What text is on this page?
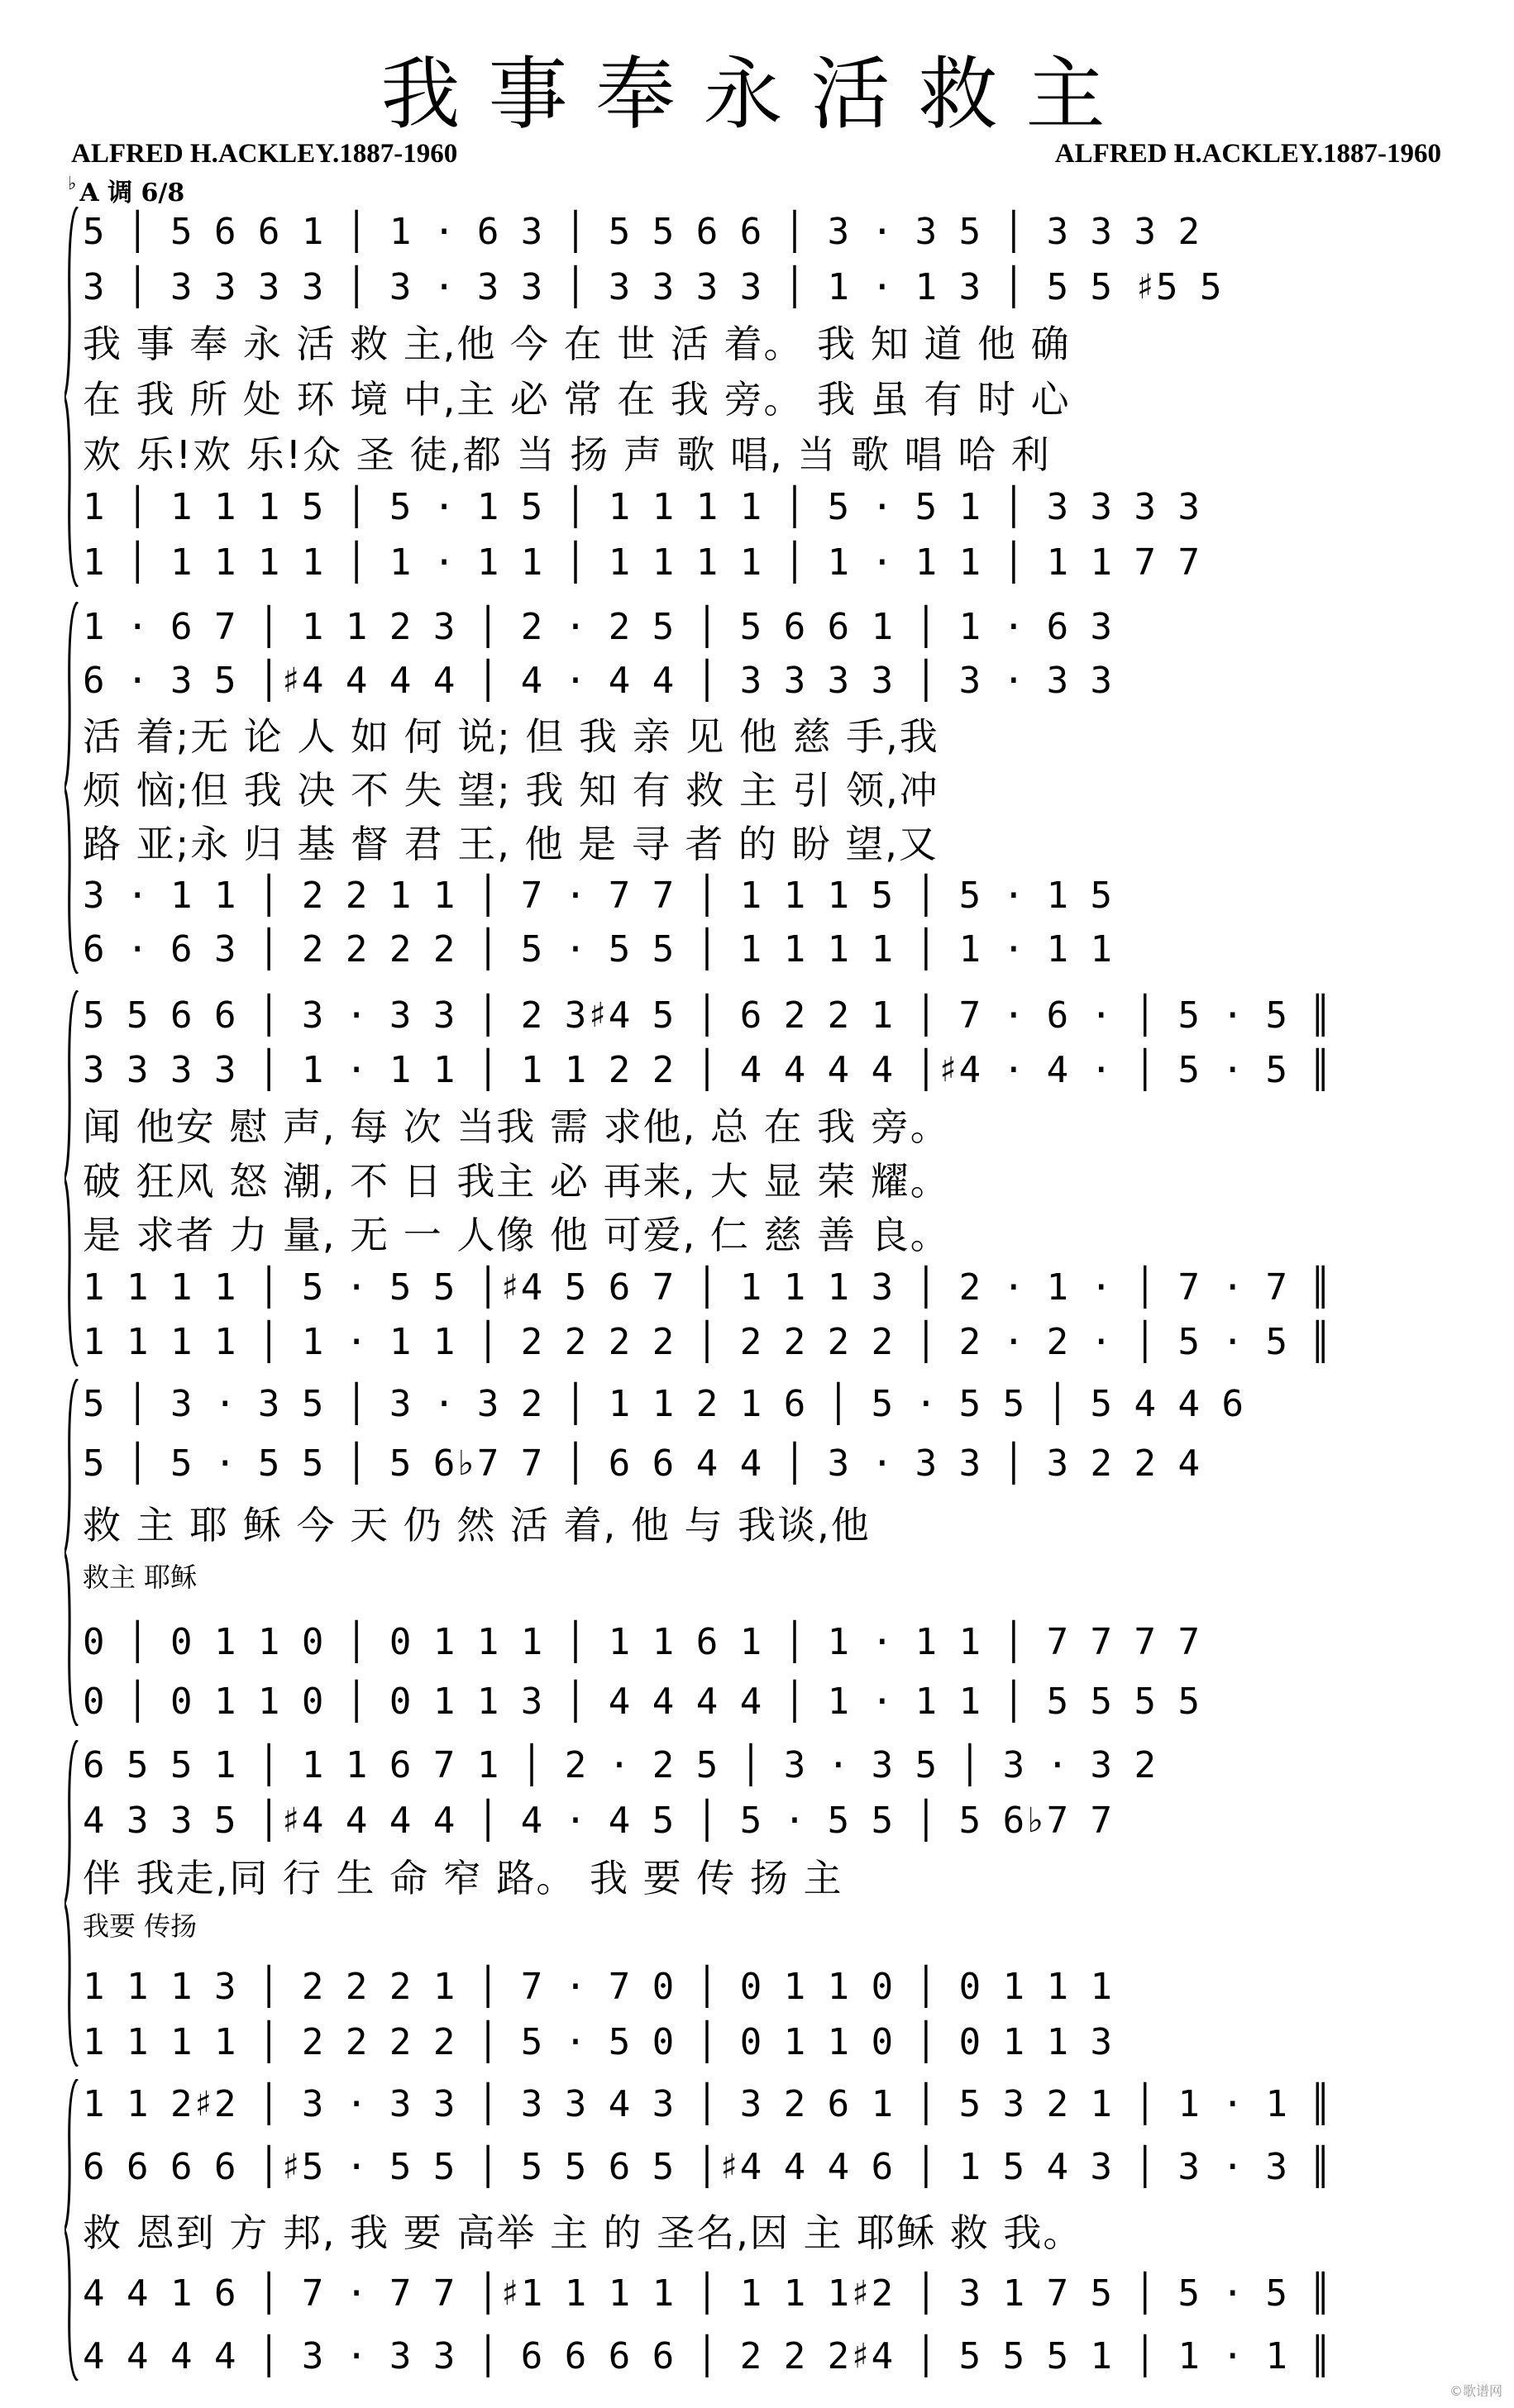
我事奉永活救主
ALFRED H.ACKLEY.1887-1960	ALFRED H.ACKLEY.1887-1960
♭ A 调 6/8
5 │ 5 6 6 1 │ 1 · 6 3 │ 5 5 6 6 │ 3 · 3 5 │ 3 3 3 2
3 │ 3 3 3 3 │ 3 · 3 3 │ 3 3 3 3 │ 1 · 1 3 │ 5 5 ♯5 5
我 事 奉 永 活 救 主,他 今 在 世 活 着。 我 知 道 他 确
在 我 所 处 环 境 中,主 必 常 在 我 旁。 我 虽 有 时 心
欢 乐!欢 乐!众 圣 徒,都 当 扬 声 歌 唱, 当 歌 唱 哈 利
1 │ 1 1 1 5 │ 5 · 1 5 │ 1 1 1 1 │ 5 · 5 1 │ 3 3 3 3
1 │ 1 1 1 1 │ 1 · 1 1 │ 1 1 1 1 │ 1 · 1 1 │ 1 1 7 7
1 · 6 7 │ 1 1 2 3 │ 2 · 2 5 │ 5 6 6 1 │ 1 · 6 3
6 · 3 5 │♯4 4 4 4 │ 4 · 4 4 │ 3 3 3 3 │ 3 · 3 3
活 着;无 论 人 如 何 说; 但 我 亲 见 他 慈 手,我
烦 恼;但 我 决 不 失 望; 我 知 有 救 主 引 领,冲
路 亚;永 归 基 督 君 王, 他 是 寻 者 的 盼 望,又
3 · 1 1 │ 2 2 1 1 │ 7 · 7 7 │ 1 1 1 5 │ 5 · 1 5
6 · 6 3 │ 2 2 2 2 │ 5 · 5 5 │ 1 1 1 1 │ 1 · 1 1
5 5 6 6 │ 3 · 3 3 │ 2 3♯4 5 │ 6 2 2 1 │ 7 · 6 · │ 5 · 5 ║
3 3 3 3 │ 1 · 1 1 │ 1 1 2 2 │ 4 4 4 4 │♯4 · 4 · │ 5 · 5 ║
闻 他安 慰 声, 每 次 当我 需 求他, 总 在 我 旁。
破 狂风 怒 潮, 不 日 我主 必 再来, 大 显 荣 耀。
是 求者 力 量, 无 一 人像 他 可爱, 仁 慈 善 良。
1 1 1 1 │ 5 · 5 5 │♯4 5 6 7 │ 1 1 1 3 │ 2 · 1 · │ 7 · 7 ║
1 1 1 1 │ 1 · 1 1 │ 2 2 2 2 │ 2 2 2 2 │ 2 · 2 · │ 5 · 5 ║
5 │ 3 · 3 5 │ 3 · 3 2 │ 1 1 2 1 6 │ 5 · 5 5 │ 5 4 4 6
5 │ 5 · 5 5 │ 5 6♭7 7 │ 6 6 4 4 │ 3 · 3 3 │ 3 2 2 4
救 主 耶 稣 今 天 仍 然 活 着, 他 与 我谈,他
救主 耶稣
0 │ 0 1 1 0 │ 0 1 1 1 │ 1 1 6 1 │ 1 · 1 1 │ 7 7 7 7
0 │ 0 1 1 0 │ 0 1 1 3 │ 4 4 4 4 │ 1 · 1 1 │ 5 5 5 5
6 5 5 1 │ 1 1 6 7 1 │ 2 · 2 5 │ 3 · 3 5 │ 3 · 3 2
4 3 3 5 │♯4 4 4 4 │ 4 · 4 5 │ 5 · 5 5 │ 5 6♭7 7
伴 我走,同 行 生 命 窄 路。 我 要 传 扬 主
我要 传扬
1 1 1 3 │ 2 2 2 1 │ 7 · 7 0 │ 0 1 1 0 │ 0 1 1 1
1 1 1 1 │ 2 2 2 2 │ 5 · 5 0 │ 0 1 1 0 │ 0 1 1 3
1 1 2♯2 │ 3 · 3 3 │ 3 3 4 3 │ 3 2 6 1 │ 5 3 2 1 │ 1 · 1 ║
6 6 6 6 │♯5 · 5 5 │ 5 5 6 5 │♯4 4 4 6 │ 1 5 4 3 │ 3 · 3 ║
救 恩到 方 邦, 我 要 高举 主 的 圣名,因 主 耶稣 救 我。
4 4 1 6 │ 7 · 7 7 │♯1 1 1 1 │ 1 1 1♯2 │ 3 1 7 5 │ 5 · 5 ║
4 4 4 4 │ 3 · 3 3 │ 6 6 6 6 │ 2 2 2♯4 │ 5 5 5 1 │ 1 · 1 ║
©歌谱网
